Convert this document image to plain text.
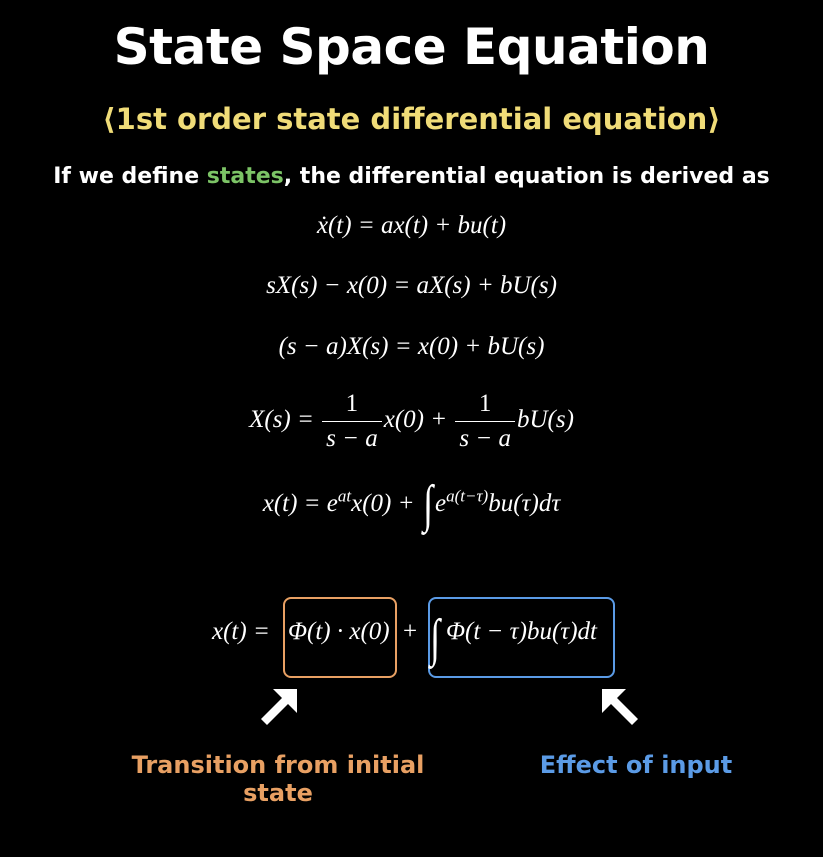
State Space Equation
⟨1st order state differential equation⟩
If we define states, the differential equation is derived as
ẋ(t) = ax(t) + bu(t)
sX(s) − x(0) = aX(s) + bU(s)
(s − a)X(s) = x(0) + bU(s)
$X(s) = \frac{1}{s - a} x(0) + \frac{1}{s - a} bU(s)$
$x(t) = e^{at}x(0) + \int e^{a(t-\tau)}bu(\tau)d\tau$
x(t) = Φ(t) · x(0) + ∫ Φ(t − τ)bu(τ)dt
Transition from initial state
Effect of input
